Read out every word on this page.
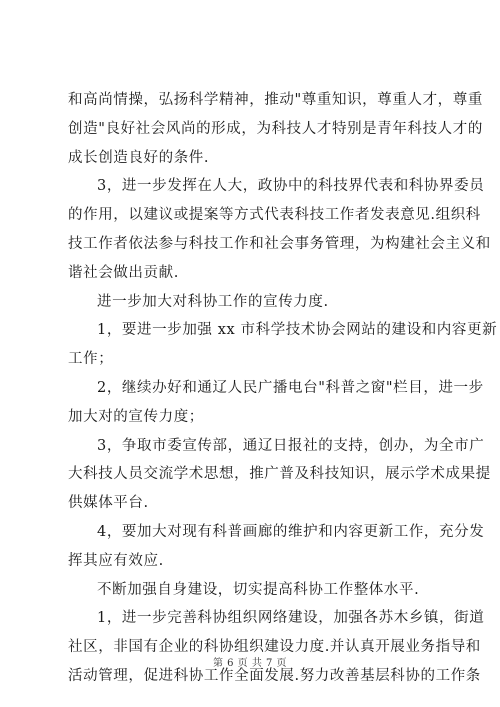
和高尚情操，弘扬科学精神，推动"尊重知识，尊重人才，尊重
创造"良好社会风尚的形成，为科技人才特别是青年科技人才的
成长创造良好的条件.
3，进一步发挥在人大，政协中的科技界代表和科协界委员
的作用，以建议或提案等方式代表科技工作者发表意见.组织科
技工作者依法参与科技工作和社会事务管理，为构建社会主义和
谐社会做出贡献.
进一步加大对科协工作的宣传力度.
1，要进一步加强 xx 市科学技术协会网站的建设和内容更新
工作；
2，继续办好和通辽人民广播电台"科普之窗"栏目，进一步
加大对的宣传力度；
3，争取市委宣传部，通辽日报社的支持，创办，为全市广
大科技人员交流学术思想，推广普及科技知识，展示学术成果提
供媒体平台.
4，要加大对现有科普画廊的维护和内容更新工作，充分发
挥其应有效应.
不断加强自身建设，切实提高科协工作整体水平.
1，进一步完善科协组织网络建设，加强各苏木乡镇，街道
社区，非国有企业的科协组织建设力度.并认真开展业务指导和
活动管理，促进科协工作全面发展.努力改善基层科协的工作条
第 6 页 共 7 页
